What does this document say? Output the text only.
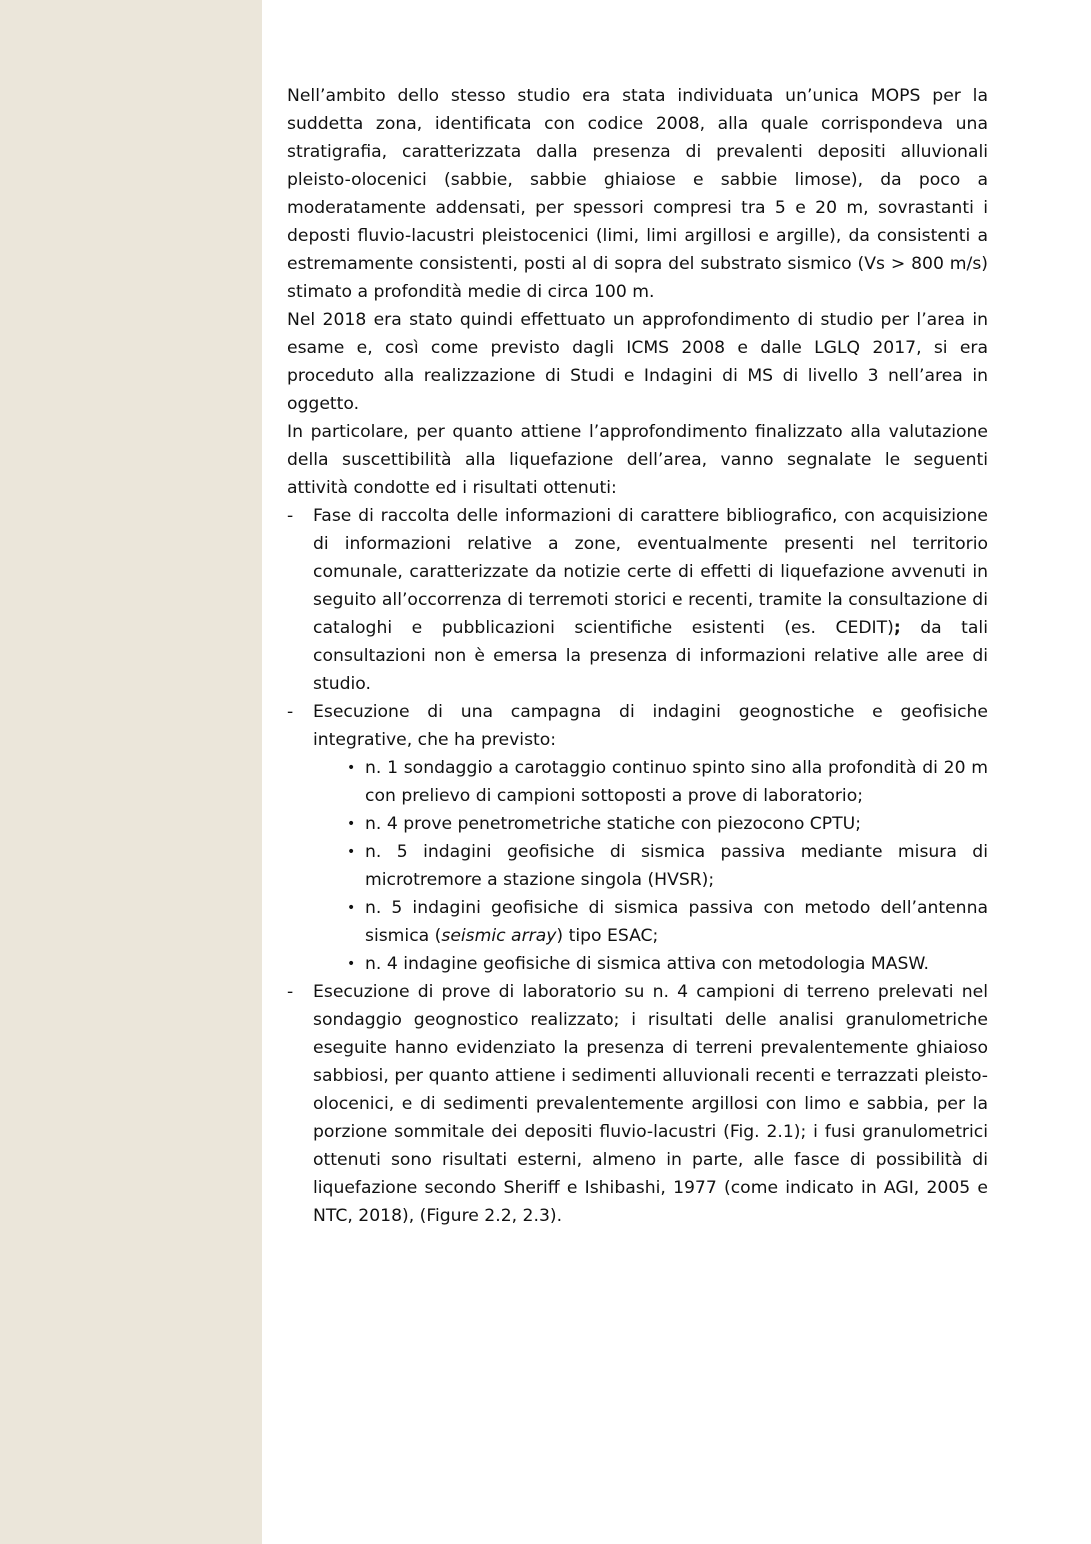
Nell’ambito dello stesso studio era stata individuata un’unica MOPS per la suddetta zona, identificata con codice 2008, alla quale corrispondeva una stratigrafia, caratterizzata dalla presenza di prevalenti depositi alluvionali pleisto-olocenici (sabbie, sabbie ghiaiose e sabbie limose), da poco a moderatamente addensati, per spessori compresi tra 5 e 20 m, sovrastanti i deposti fluvio-lacustri pleistocenici (limi, limi argillosi e argille), da consistenti a estremamente consistenti, posti al di sopra del substrato sismico (Vs > 800 m/s) stimato a profondità medie di circa 100 m.

Nel 2018 era stato quindi effettuato un approfondimento di studio per l’area in esame e, così come previsto dagli ICMS 2008 e dalle LGLQ 2017, si era proceduto alla realizzazione di Studi e Indagini di MS di livello 3 nell’area in oggetto.

In particolare, per quanto attiene l’approfondimento finalizzato alla valutazione della suscettibilità alla liquefazione dell’area, vanno segnalate le seguenti attività condotte ed i risultati ottenuti:

- Fase di raccolta delle informazioni di carattere bibliografico, con acquisizione di informazioni relative a zone, eventualmente presenti nel territorio comunale, caratterizzate da notizie certe di effetti di liquefazione avvenuti in seguito all’occorrenza di terremoti storici e recenti, tramite la consultazione di cataloghi e pubblicazioni scientifiche esistenti (es. CEDIT); da tali consultazioni non è emersa la presenza di informazioni relative alle aree di studio.
- Esecuzione di una campagna di indagini geognostiche e geofisiche integrative, che ha previsto:
• n. 1 sondaggio a carotaggio continuo spinto sino alla profondità di 20 m con prelievo di campioni sottoposti a prove di laboratorio;
• n. 4 prove penetrometriche statiche con piezocono CPTU;
• n. 5 indagini geofisiche di sismica passiva mediante misura di microtremore a stazione singola (HVSR);
• n. 5 indagini geofisiche di sismica passiva con metodo dell’antenna sismica (seismic array) tipo ESAC;
• n. 4 indagine geofisiche di sismica attiva con metodologia MASW.
- Esecuzione di prove di laboratorio su n. 4 campioni di terreno prelevati nel sondaggio geognostico realizzato; i risultati delle analisi granulometriche eseguite hanno evidenziato la presenza di terreni prevalentemente ghiaioso sabbiosi, per quanto attiene i sedimenti alluvionali recenti e terrazzati pleisto-olocenici, e di sedimenti prevalentemente argillosi con limo e sabbia, per la porzione sommitale dei depositi fluvio-lacustri (Fig. 2.1); i fusi granulometrici ottenuti sono risultati esterni, almeno in parte, alle fasce di possibilità di liquefazione secondo Sheriff e Ishibashi, 1977 (come indicato in AGI, 2005 e NTC, 2018), (Figure 2.2, 2.3).
